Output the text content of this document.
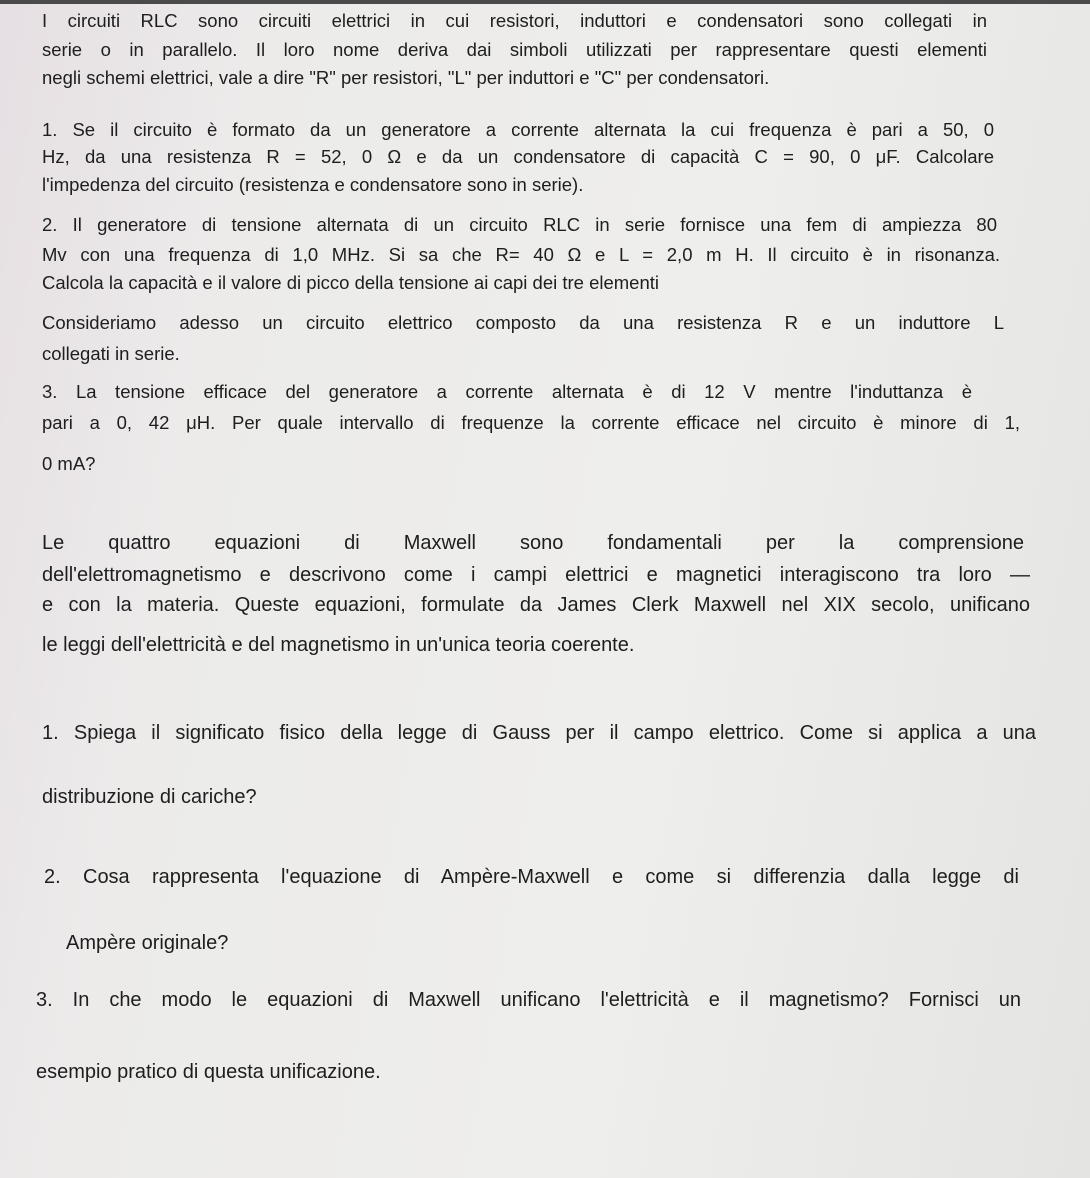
I circuiti RLC sono circuiti elettrici in cui resistori, induttori e condensatori sono collegati in
serie o in parallelo. Il loro nome deriva dai simboli utilizzati per rappresentare questi elementi
negli schemi elettrici, vale a dire "R" per resistori, "L" per induttori e "C" per condensatori.
1. Se il circuito è formato da un generatore a corrente alternata la cui frequenza è pari a 50, 0
Hz, da una resistenza R = 52, 0 Ω e da un condensatore di capacità C = 90, 0 μF. Calcolare
l'impedenza del circuito (resistenza e condensatore sono in serie).
2. Il generatore di tensione alternata di un circuito RLC in serie fornisce una fem di ampiezza 80
Mv con una frequenza di 1,0 MHz. Si sa che R= 40 Ω e L = 2,0 m H. Il circuito è in risonanza.
Calcola la capacità e il valore di picco della tensione ai capi dei tre elementi
Consideriamo adesso un circuito elettrico composto da una resistenza R e un induttore L
collegati in serie.
3. La tensione efficace del generatore a corrente alternata è di 12 V mentre l'induttanza è
pari a 0, 42 μH. Per quale intervallo di frequenze la corrente efficace nel circuito è minore di 1,
0 mA?
Le quattro equazioni di Maxwell sono fondamentali per la comprensione
dell'elettromagnetismo e descrivono come i campi elettrici e magnetici interagiscono tra loro —
e con la materia. Queste equazioni, formulate da James Clerk Maxwell nel XIX secolo, unificano
le leggi dell'elettricità e del magnetismo in un'unica teoria coerente.
1. Spiega il significato fisico della legge di Gauss per il campo elettrico. Come si applica a una
distribuzione di cariche?
2. Cosa rappresenta l'equazione di Ampère-Maxwell e come si differenzia dalla legge di
Ampère originale?
3. In che modo le equazioni di Maxwell unificano l'elettricità e il magnetismo? Fornisci un
esempio pratico di questa unificazione.
